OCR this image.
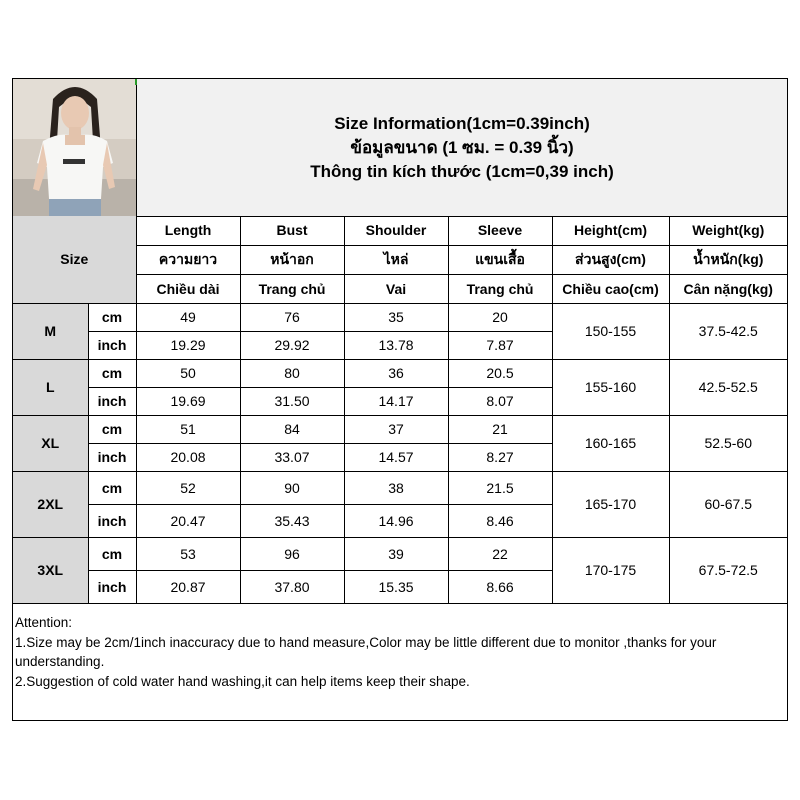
Size Information(1cm=0.39inch)
ข้อมูลขนาด (1 ซม. = 0.39 นิ้ว)
Thông tin kích thước (1cm=0,39 inch)
Size		Length	Bust	Shoulder	Sleeve	Height(cm)	Weight(kg)
		ความยาว	หน้าอก	ไหล่	แขนเสื้อ	ส่วนสูง(cm)	น้ำหนัก(kg)
		Chiều dài	Trang chủ	Vai	Trang chủ	Chiều cao(cm)	Cân nặng(kg)
M	cm	49	76	35	20	150-155	37.5-42.5
	inch	19.29	29.92	13.78	7.87		
L	cm	50	80	36	20.5	155-160	42.5-52.5
	inch	19.69	31.50	14.17	8.07		
XL	cm	51	84	37	21	160-165	52.5-60
	inch	20.08	33.07	14.57	8.27		
2XL	cm	52	90	38	21.5	165-170	60-67.5
	inch	20.47	35.43	14.96	8.46		
3XL	cm	53	96	39	22	170-175	67.5-72.5
	inch	20.87	37.80	15.35	8.66		
Attention:
1.Size may be 2cm/1inch inaccuracy due to hand measure,Color may be little different due to monitor ,thanks for your understanding.
2.Suggestion of cold water hand washing,it can help items keep their shape.
